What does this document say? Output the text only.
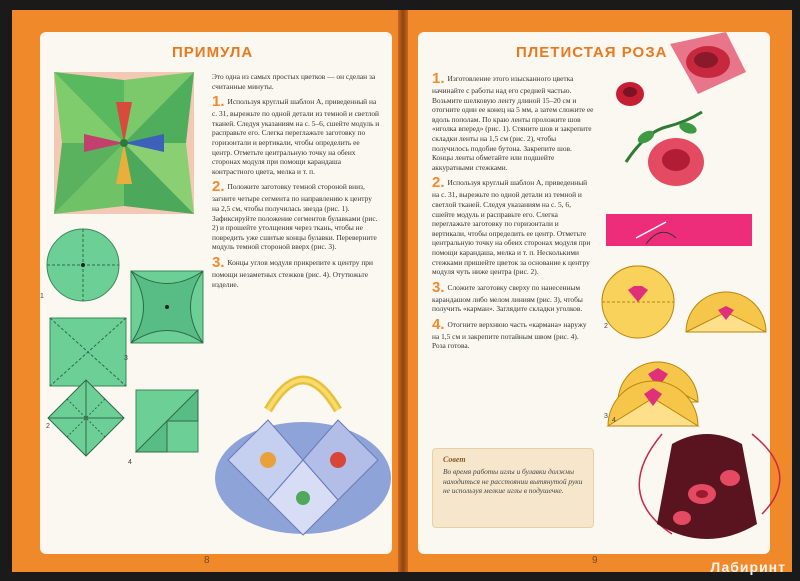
ПРИМУЛА
1
3
2
4

Это одна из самых простых цветков — он сделан за считанные минуты.

1. Используя круглый шаблон А, приведенный на с. 31, вырежьте по одной детали из темной и светлой тканей. Следуя указаниям на с. 5–6, сшейте модуль и расправьте его. Слегка переглажьте заготовку по горизонтали и вертикали, чтобы определить ее центр. Отметьте центральную точку на обеих сторонах модуля при помощи карандаша контрастного цвета, мелка и т. п.

2. Положите заготовку темной стороной вниз, загните четыре сегмента по направлению к центру на 2,5 см, чтобы получилась звезда (рис. 1). Зафиксируйте положение сегментов булавками (рис. 2) и прошейте утолщения через ткань, чтобы не повредить уже сшитые концы булавки. Переверните модуль темной стороной вверх (рис. 3).

3. Концы углов модуля прикрепите к центру при помощи незаметных стежков (рис. 4). Отутюжьте изделие.

8
ПЛЕТИСТАЯ РОЗА
2
3
4

1. Изготовление этого изысканного цветка начинайте с работы над его средней частью. Возьмите шелковую ленту длиной 15–20 см и отогните один ее конец на 5 мм, а затем сложите ее вдоль пополам. По краю ленты проложите шов «иголка вперед» (рис. 1). Стяните шов и закрепите складки ленты на 1,5 см (рис. 2), чтобы получилось подобие бутона. Закрепите шов. Концы ленты обметайте или подшейте аккуратными стежками.

2. Используя круглый шаблон А, приведенный на с. 31, вырежьте по одной детали из темной и светлой тканей. Следуя указаниям на с. 5, 6, сшейте модуль и расправьте его. Слегка переглажьте заготовку по горизонтали и вертикали, чтобы определить ее центр. Отметьте центральную точку на обеих сторонах модуля при помощи карандаша, мелка и т. п. Несколькими стежками пришейте цветок за основание к центру модуля чуть ниже центра (рис. 2).

3. Сложите заготовку сверху по нанесенным карандашом либо мелом линиям (рис. 3), чтобы получить «карман». Заглядите складки уголков.

4. Отогните верхнюю часть «кармана» наружу на 1,5 см и закрепите потайным швом (рис. 4). Роза готова.

Совет
Во время работы иглы и булавки должны находиться не расстоянии вытянутой руки не используя мелкие иглы в подушечке.
9	Лабиринт
